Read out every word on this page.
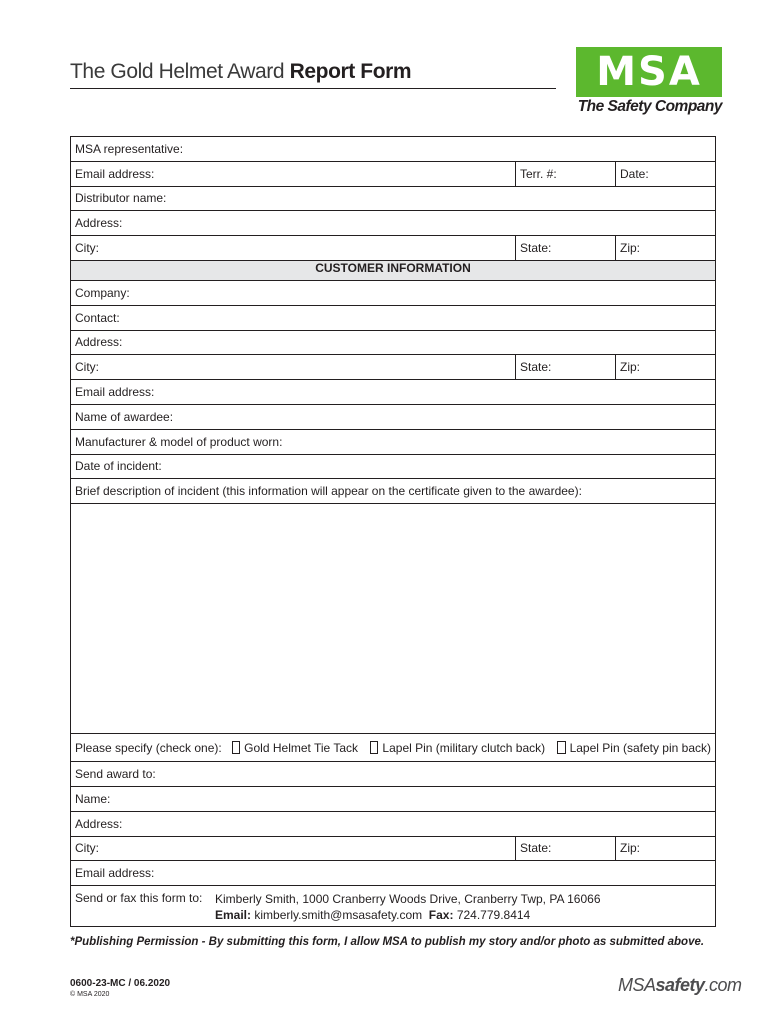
The Gold Helmet Award Report Form	MSA
The Safety Company
MSA representative:
Email address:	Terr. #:	Date:
Distributor name:
Address:
City:	State:	Zip:
CUSTOMER INFORMATION
Company:
Contact:
Address:
City:	State:	Zip:
Email address:
Name of awardee:
Manufacturer & model of product worn:
Date of incident:
Brief description of incident (this information will appear on the certificate given to the awardee):
Please specify (check one): Gold Helmet Tie Tack Lapel Pin (military clutch back) Lapel Pin (safety pin back)
Send award to:
Name:
Address:
City:	State:	Zip:
Email address:
Send or fax this form to:	Kimberly Smith, 1000 Cranberry Woods Drive, Cranberry Twp, PA 16066
Email: kimberly.smith@msasafety.com Fax: 724.779.8414
*Publishing Permission - By submitting this form, I allow MSA to publish my story and/or photo as submitted above.
0600-23-MC / 06.2020
© MSA 2020	MSAsafety.com
